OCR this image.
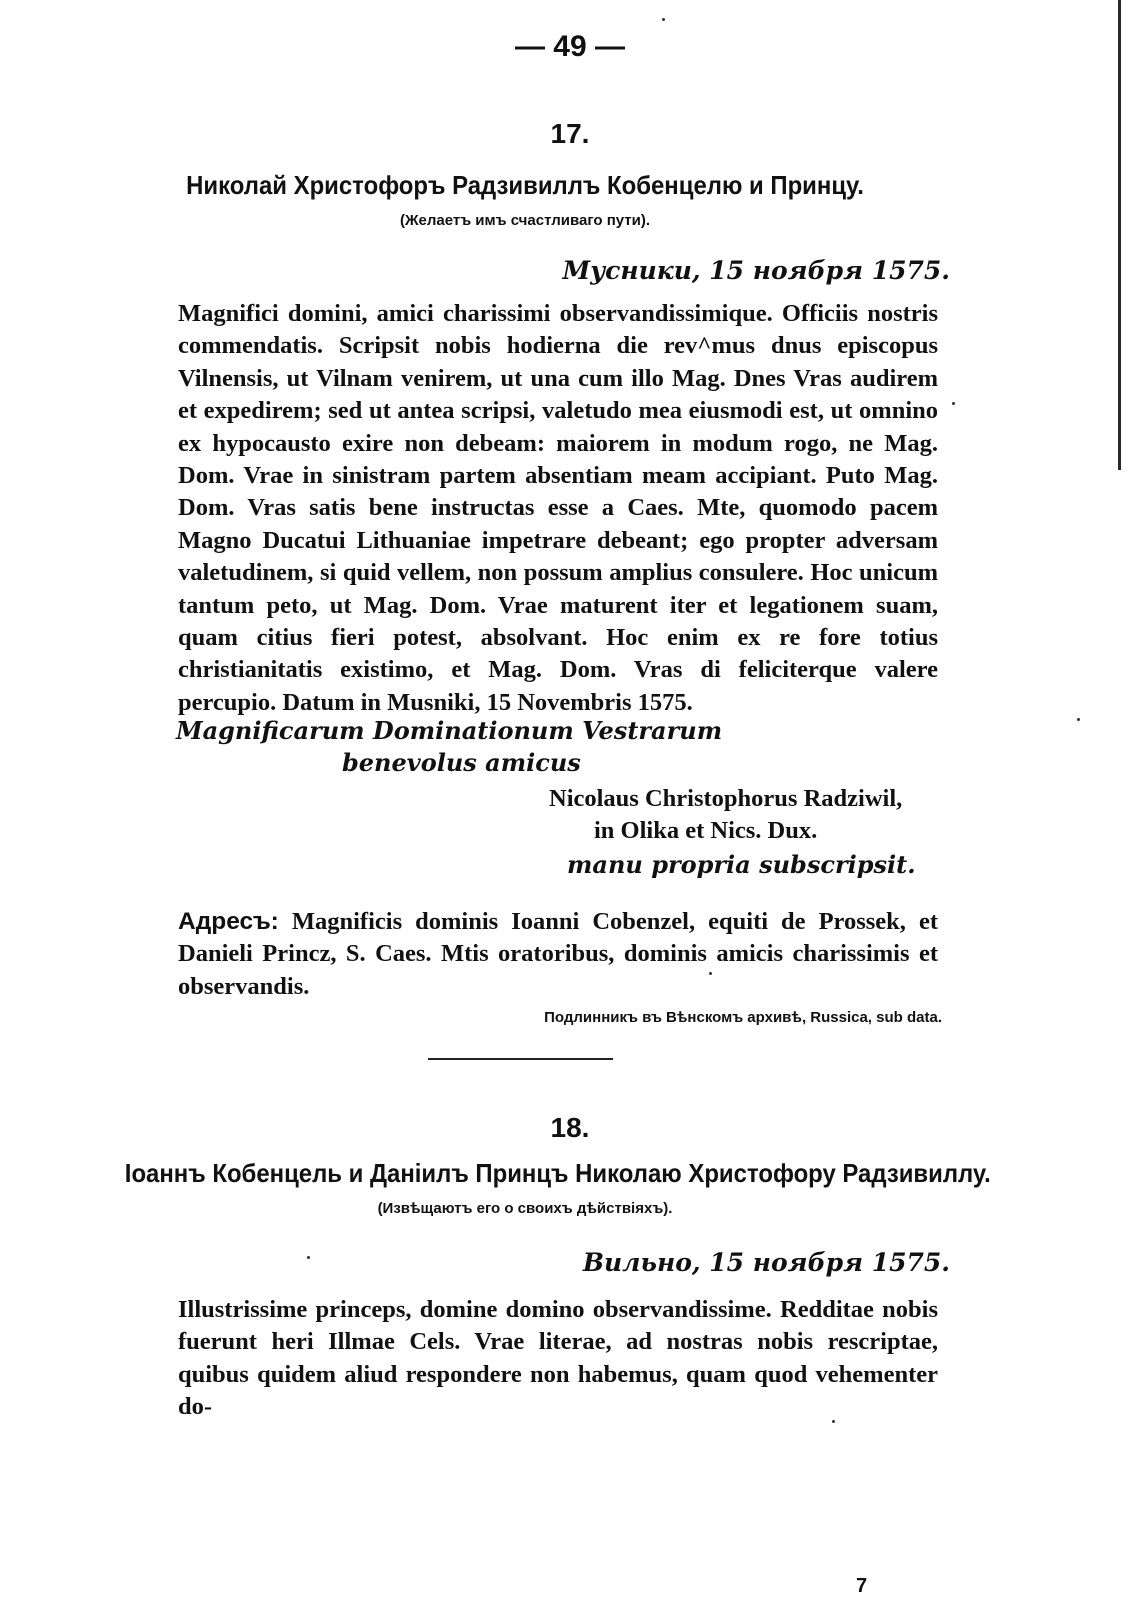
— 49 —
17.
Николай Христофоръ Радзивиллъ Кобенцелю и Принцу.
(Желаетъ имъ счастливаго пути).
Мусники, 15 ноября 1575.
Magnifici domini, amici charissimi observandissimique. Officiis nostris commendatis. Scripsit nobis hodierna die rev^mus dnus episcopus Vilnensis, ut Vilnam venirem, ut una cum illo Mag. Dnes Vras audirem et expedirem; sed ut antea scripsi, valetudo mea eiusmodi est, ut omnino ex hypocausto exire non debeam: maiorem in modum rogo, ne Mag. Dom. Vrae in sinistram partem absentiam meam accipiant. Puto Mag. Dom. Vras satis bene instructas esse a Caes. Mte, quomodo pacem Magno Ducatui Lithuaniae impetrare debeant; ego propter adversam valetudinem, si quid vellem, non possum amplius consulere. Hoc unicum tantum peto, ut Mag. Dom. Vrae maturent iter et legationem suam, quam citius fieri potest, absolvant. Hoc enim ex re fore totius christianitatis existimo, et Mag. Dom. Vras di feliciterque valere percupio. Datum in Musniki, 15 Novembris 1575.
Magnificarum Dominationum Vestrarum
benevolus amicus
Nicolaus Christophorus Radziwil,
in Olika et Nics. Dux.
manu propria subscripsit.
Адресъ: Magnificis dominis Ioanni Cobenzel, equiti de Prossek, et Danieli Princz, S. Caes. Mtis oratoribus, dominis amicis charissimis et observandis.
Подлинникъ въ Вѣнскомъ архивѣ, Russica, sub data.
18.
Іоаннъ Кобенцель и Даніилъ Принцъ Николаю Христофору Радзивиллу.
(Извѣщаютъ его о своихъ дѣйствіяхъ).
Вильно, 15 ноября 1575.
Illustrissime princeps, domine domino observandissime. Redditae nobis fuerunt heri Illmae Cels. Vrae literae, ad nostras nobis rescriptae, quibus quidem aliud respondere non habemus, quam quod vehementer do-
7
